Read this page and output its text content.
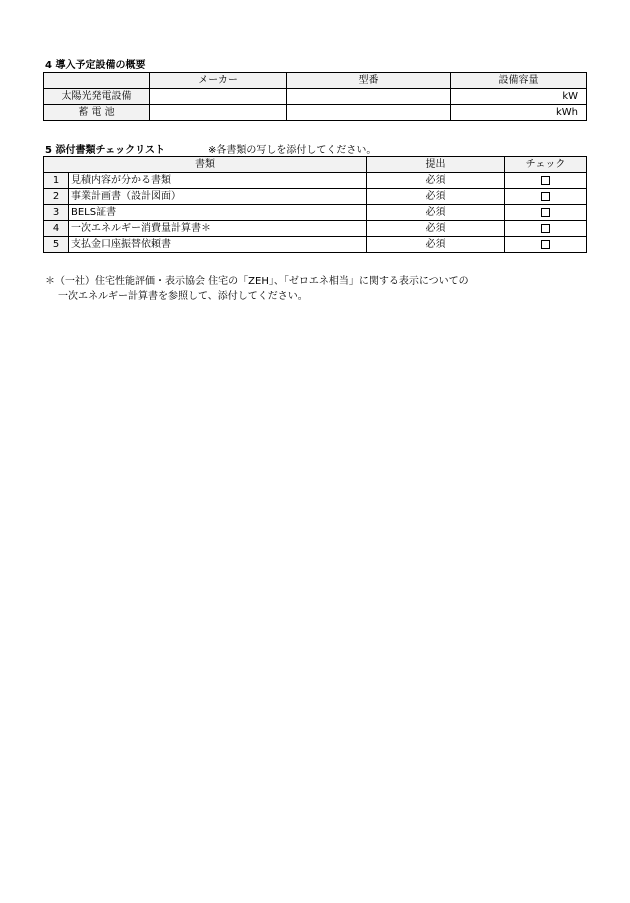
4 導入予定設備の概要
	メーカー	型番	設備容量
太陽光発電設備			kW
蓄 電 池			kWh
5 添付書類チェックリスト	※各書類の写しを添付してください。
書類		提出	チェック
1	見積内容が分かる書類	必須	
2	事業計画書（設計図面）	必須	
3	BELS証書	必須	
4	一次エネルギー消費量計算書＊	必須	
5	支払金口座振替依頼書	必須	
＊（一社）住宅性能評価・表示協会 住宅の「ZEH」、「ゼロエネ相当」に関する表示についての
一次エネルギー計算書を参照して、添付してください。
